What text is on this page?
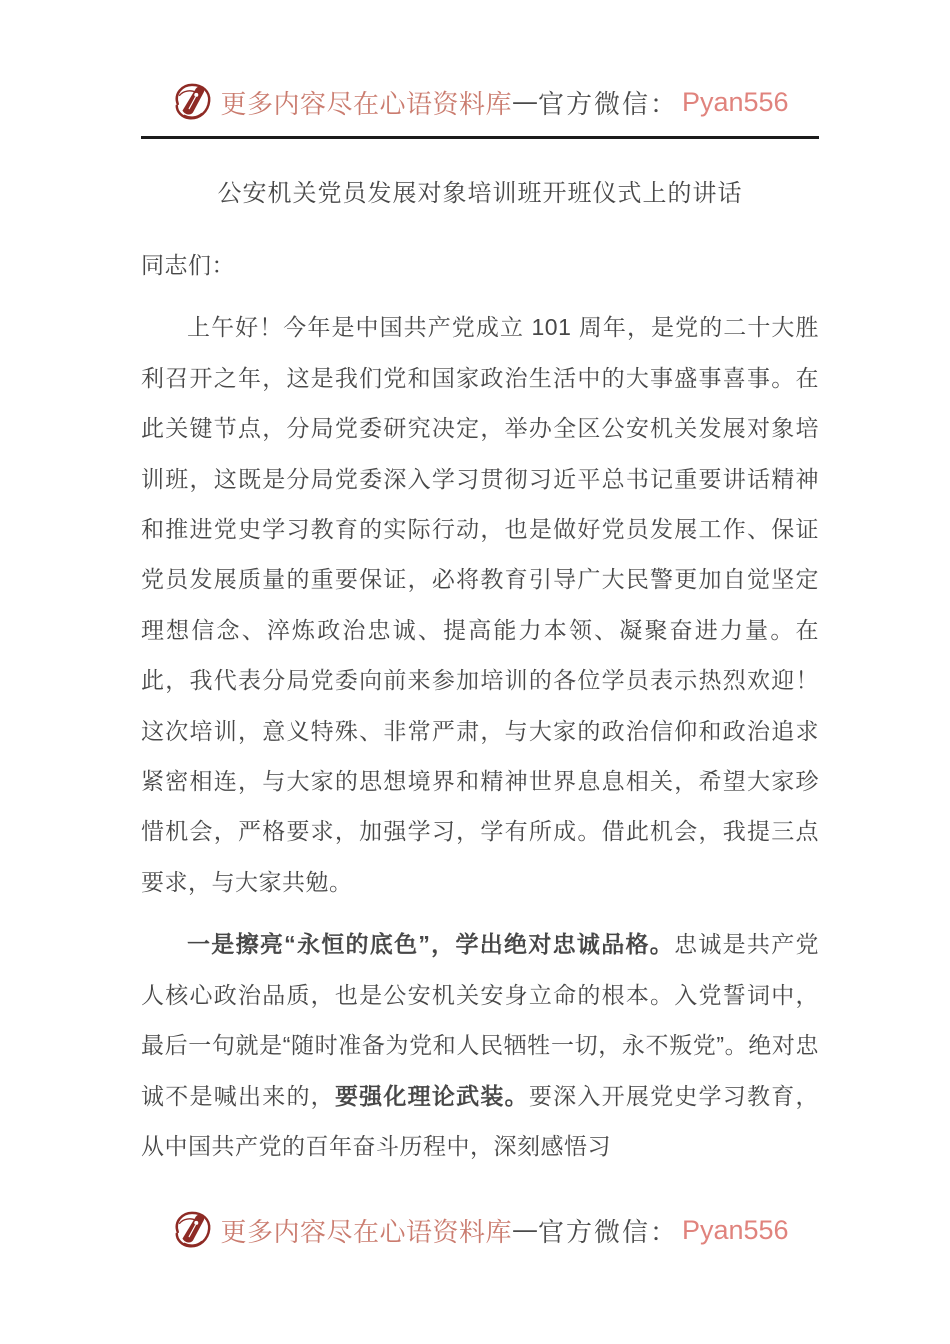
更多内容尽在心语资料库 — 官方微信： Pyan556
公安机关党员发展对象培训班开班仪式上的讲话

同志们：

上午好！今年是中国共产党成立 101 周年，是党的二十大胜利召开之年，这是我们党和国家政治生活中的大事盛事喜事。在此关键节点，分局党委研究决定，举办全区公安机关发展对象培训班，这既是分局党委深入学习贯彻习近平总书记重要讲话精神和推进党史学习教育的实际行动，也是做好党员发展工作、保证党员发展质量的重要保证，必将教育引导广大民警更加自觉坚定理想信念、淬炼政治忠诚、提高能力本领、凝聚奋进力量。在此，我代表分局党委向前来参加培训的各位学员表示热烈欢迎！这次培训，意义特殊、非常严肃，与大家的政治信仰和政治追求紧密相连，与大家的思想境界和精神世界息息相关，希望大家珍惜机会，严格要求，加强学习，学有所成。借此机会，我提三点要求，与大家共勉。

一是擦亮“永恒的底色”，学出绝对忠诚品格。忠诚是共产党人核心政治品质，也是公安机关安身立命的根本。入党誓词中，最后一句就是“随时准备为党和人民牺牲一切，永不叛党”。绝对忠诚不是喊出来的，要强化理论武装。要深入开展党史学习教育，从中国共产党的百年奋斗历程中，深刻感悟习

更多内容尽在心语资料库 — 官方微信： Pyan556
